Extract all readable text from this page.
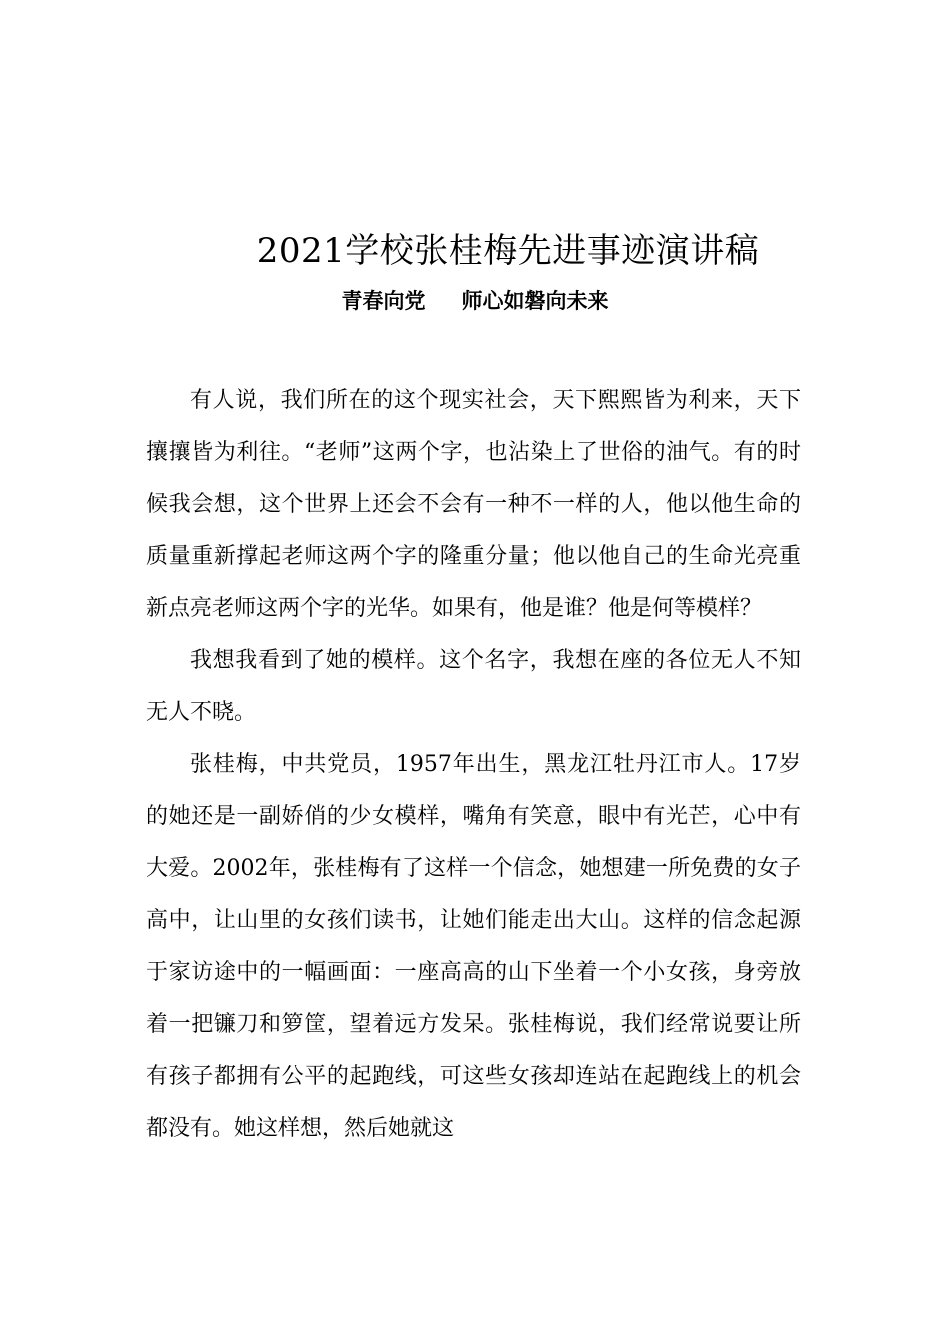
2021学校张桂梅先进事迹演讲稿
青春向党 师心如磐向未来

有人说，我们所在的这个现实社会，天下熙熙皆为利来，天下攘攘皆为利往。“老师”这两个字，也沾染上了世俗的油气。有的时候我会想，这个世界上还会不会有一种不一样的人，他以他生命的质量重新撑起老师这两个字的隆重分量；他以他自己的生命光亮重新点亮老师这两个字的光华。如果有，他是谁？他是何等模样？

我想我看到了她的模样。这个名字，我想在座的各位无人不知无人不晓。

张桂梅，中共党员，1957年出生，黑龙江牡丹江市人。17岁的她还是一副娇俏的少女模样，嘴角有笑意，眼中有光芒，心中有大爱。2002年，张桂梅有了这样一个信念，她想建一所免费的女子高中，让山里的女孩们读书，让她们能走出大山。这样的信念起源于家访途中的一幅画面：一座高高的山下坐着一个小女孩，身旁放着一把镰刀和箩筐，望着远方发呆。张桂梅说，我们经常说要让所有孩子都拥有公平的起跑线，可这些女孩却连站在起跑线上的机会都没有。她这样想，然后她就这
